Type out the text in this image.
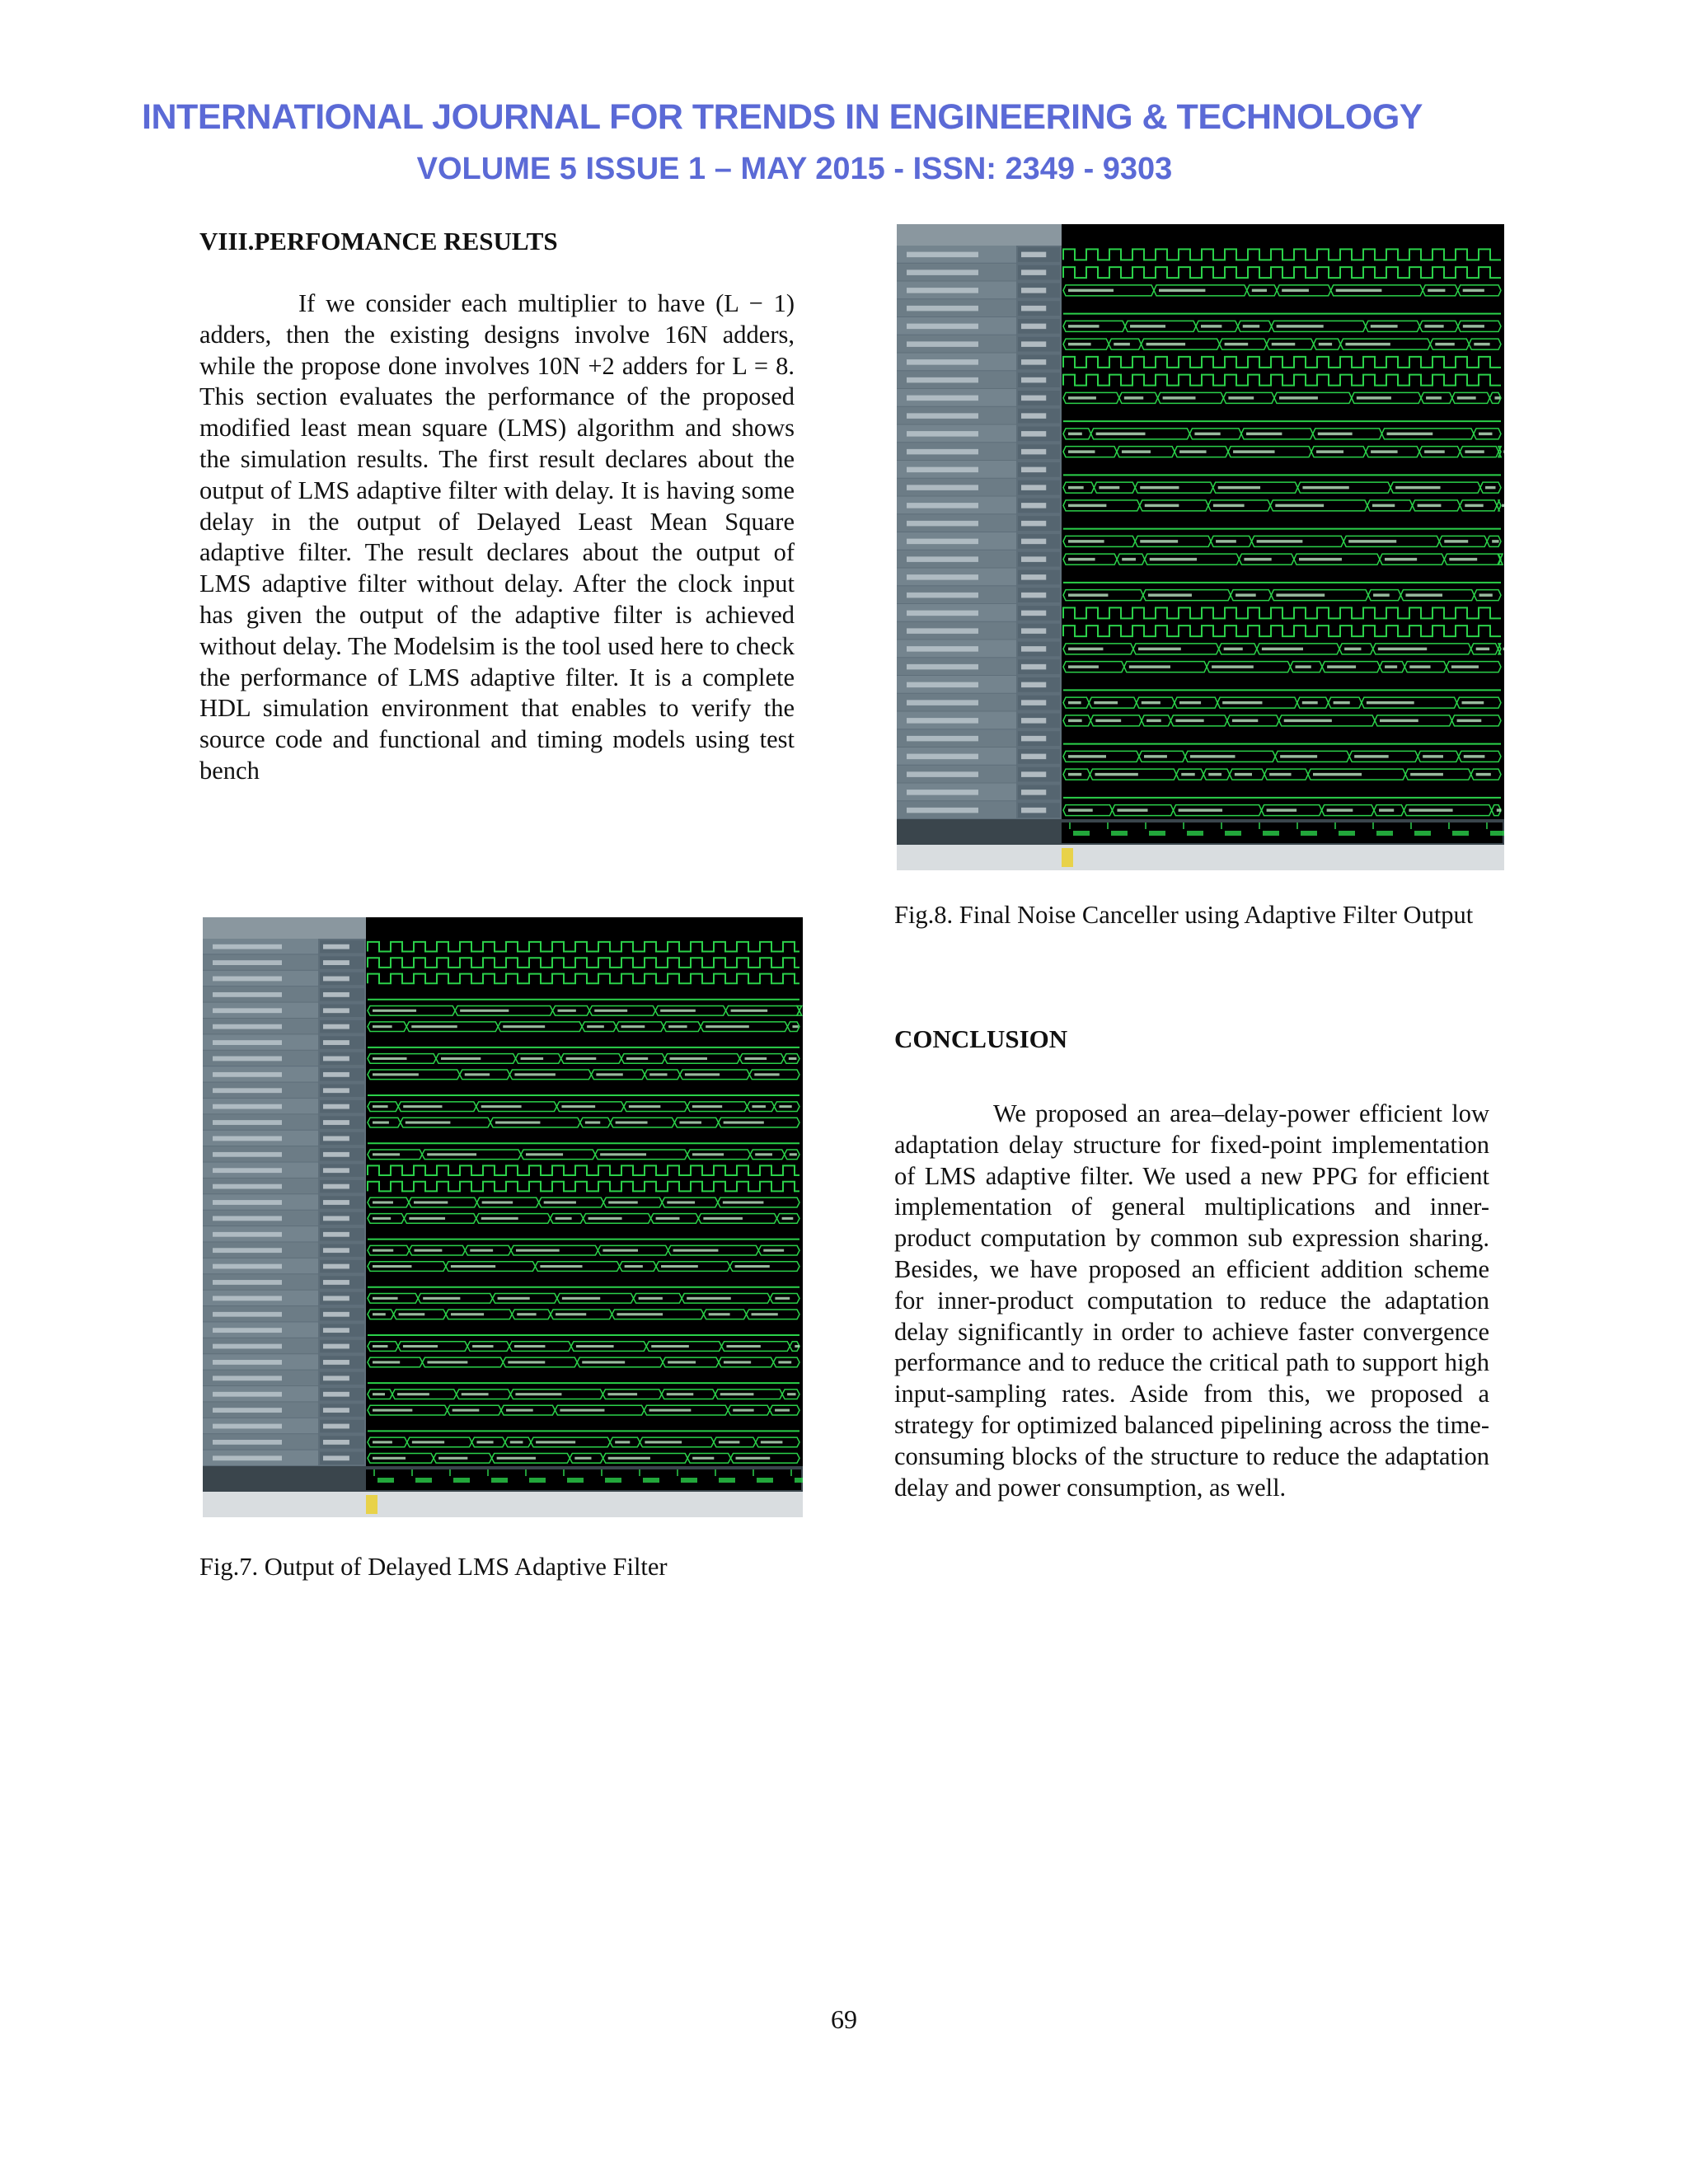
INTERNATIONAL JOURNAL FOR TRENDS IN ENGINEERING & TECHNOLOGY
VOLUME 5 ISSUE 1 – MAY 2015 - ISSN: 2349 - 9303
VIII.PERFOMANCE RESULTS

If we consider each multiplier to have (L − 1) adders, then the existing designs involve 16N adders, while the propose done involves 10N +2 adders for L = 8. This section evaluates the performance of the proposed modified least mean square (LMS) algorithm and shows the simulation results. The first result declares about the output of LMS adaptive filter with delay. It is having some delay in the output of Delayed Least Mean Square adaptive filter. The result declares about the output of LMS adaptive filter without delay. After the clock input has given the output of the adaptive filter is achieved without delay. The Modelsim is the tool used here to check the performance of LMS adaptive filter. It is a complete HDL simulation environment that enables to verify the source code and functional and timing models using test bench

Fig.8. Final Noise Canceller using Adaptive Filter Output
Fig.7. Output of Delayed LMS Adaptive Filter
CONCLUSION

We proposed an area–delay-power efficient low adaptation delay structure for fixed-point implementation of LMS adaptive filter. We used a new PPG for efficient implementation of general multiplications and inner-product computation by common sub expression sharing. Besides, we have proposed an efficient addition scheme for inner-product computation to reduce the adaptation delay significantly in order to achieve faster convergence performance and to reduce the critical path to support high input-sampling rates. Aside from this, we proposed a strategy for optimized balanced pipelining across the time-consuming blocks of the structure to reduce the adaptation delay and power consumption, as well.

69
